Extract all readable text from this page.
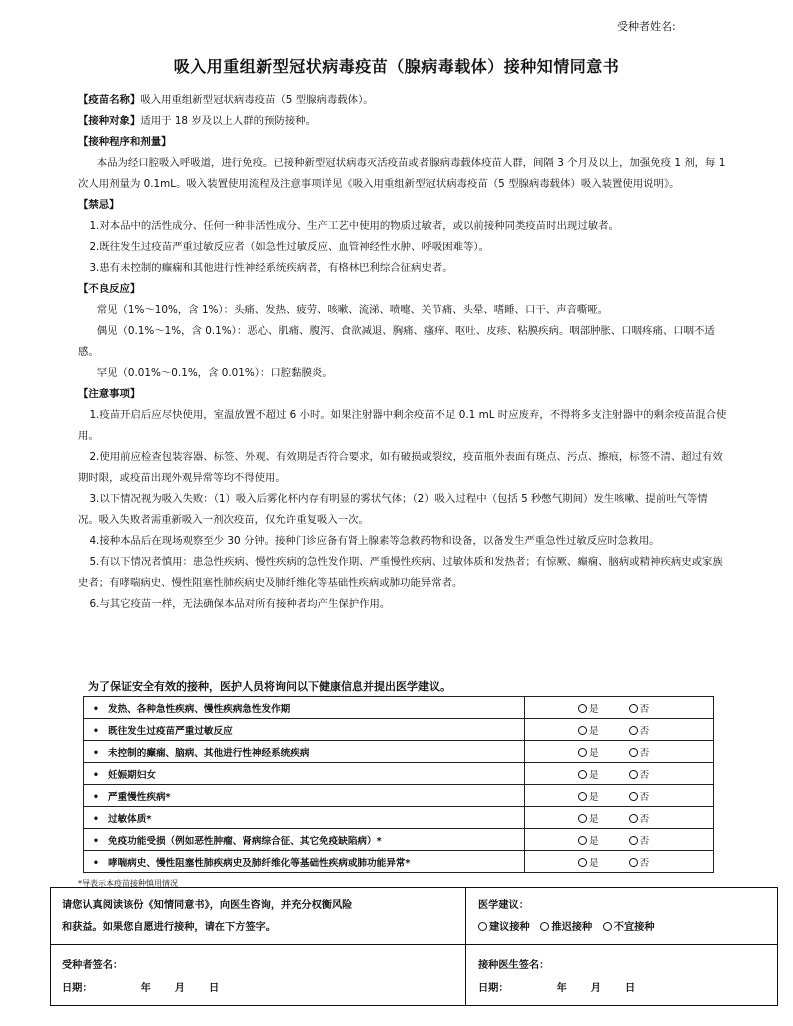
受种者姓名:
吸入用重组新型冠状病毒疫苗（腺病毒载体）接种知情同意书

【疫苗名称】吸入用重组新型冠状病毒疫苗（5 型腺病毒载体）。

【接种对象】适用于 18 岁及以上人群的预防接种。

【接种程序和剂量】

本品为经口腔吸入呼吸道，进行免疫。已接种新型冠状病毒灭活疫苗或者腺病毒载体疫苗人群，间隔 3 个月及以上，加强免疫 1 剂，每 1 次人用剂量为 0.1mL。吸入装置使用流程及注意事项详见《吸入用重组新型冠状病毒疫苗（5 型腺病毒载体）吸入装置使用说明》。

【禁忌】

1.对本品中的活性成分、任何一种非活性成分、生产工艺中使用的物质过敏者，或以前接种同类疫苗时出现过敏者。

2.既往发生过疫苗严重过敏反应者（如急性过敏反应、血管神经性水肿、呼吸困难等）。

3.患有未控制的癫痫和其他进行性神经系统疾病者，有格林巴利综合征病史者。

【不良反应】

常见（1%～10%，含 1%）：头痛、发热、疲劳、咳嗽、流涕、喷嚏、关节痛、头晕、嗜睡、口干、声音嘶哑。

偶见（0.1%～1%，含 0.1%）：恶心、肌痛、腹泻、食欲减退、胸痛、瘙痒、呕吐、皮疹、粘膜疾病。咽部肿胀、口咽疼痛、口咽不适感。

罕见（0.01%～0.1%，含 0.01%）：口腔黏膜炎。

【注意事项】

1.疫苗开启后应尽快使用，室温放置不超过 6 小时。如果注射器中剩余疫苗不足 0.1 mL 时应废弃，不得将多支注射器中的剩余疫苗混合使用。

2.使用前应检查包装容器、标签、外观、有效期是否符合要求，如有破损或裂纹，疫苗瓶外表面有斑点、污点、擦痕，标签不清、超过有效期时限，或疫苗出现外观异常等均不得使用。

3.以下情况视为吸入失败：（1）吸入后雾化杯内存有明显的雾状气体；（2）吸入过程中（包括 5 秒憋气期间）发生咳嗽、提前吐气等情况。吸入失败者需重新吸入一剂次疫苗，仅允许重复吸入一次。

4.接种本品后在现场观察至少 30 分钟。接种门诊应备有肾上腺素等急救药物和设备，以备发生严重急性过敏反应时急救用。

5.有以下情况者慎用：患急性疾病、慢性疾病的急性发作期、严重慢性疾病、过敏体质和发热者；有惊厥、癫痫、脑病或精神疾病史或家族史者；有哮喘病史、慢性阻塞性肺疾病史及肺纤维化等基础性疾病或肺功能异常者。

6.与其它疫苗一样，无法确保本品对所有接种者均产生保护作用。

为了保证安全有效的接种，医护人员将询问以下健康信息并提出医学建议。
• 发热、各种急性疾病、慢性疾病急性发作期	是 否
• 既往发生过疫苗严重过敏反应	是 否
• 未控制的癫痫、脑病、其他进行性神经系统疾病	是 否
• 妊娠期妇女	是 否
• 严重慢性疾病*	是 否
• 过敏体质*	是 否
• 免疫功能受损（例如恶性肿瘤、肾病综合征、其它免疫缺陷病）*	是 否
• 哮喘病史、慢性阻塞性肺疾病史及肺纤维化等基础性疾病或肺功能异常*	是 否
*导表示本疫苗接种慎用情况
请您认真阅读该份《知情同意书》，向医生咨询，并充分权衡风险
和获益。如果您自愿进行接种，请在下方签字。
医学建议：
建议接种 推迟接种 不宜接种
受种者签名：
日期：	年 月 日
接种医生签名：
日期：	年 月 日
